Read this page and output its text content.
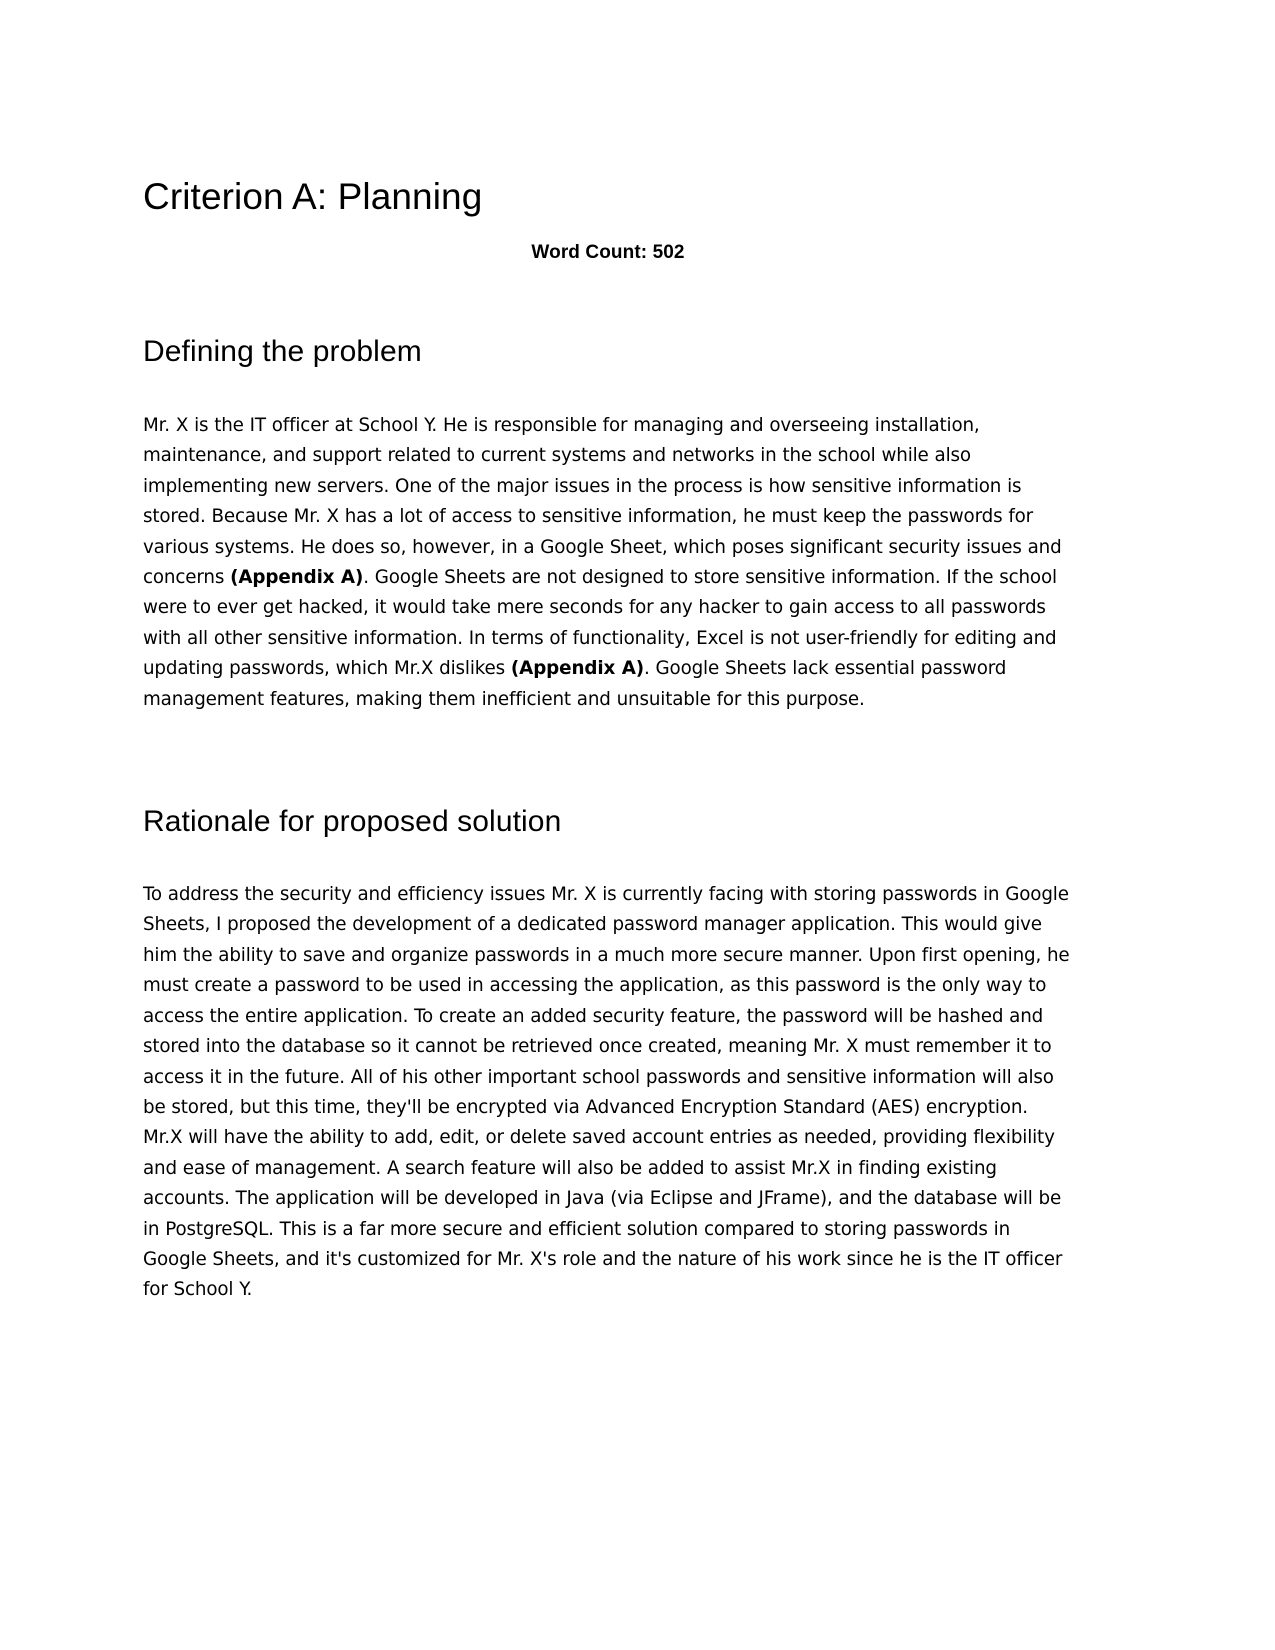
Criterion A: Planning

Word Count: 502

Defining the problem

Mr. X is the IT officer at School Y. He is responsible for managing and overseeing installation, maintenance, and support related to current systems and networks in the school while also implementing new servers. One of the major issues in the process is how sensitive information is stored. Because Mr. X has a lot of access to sensitive information, he must keep the passwords for various systems. He does so, however, in a Google Sheet, which poses significant security issues and concerns (Appendix A). Google Sheets are not designed to store sensitive information. If the school were to ever get hacked, it would take mere seconds for any hacker to gain access to all passwords with all other sensitive information. In terms of functionality, Excel is not user-friendly for editing and updating passwords, which Mr.X dislikes (Appendix A). Google Sheets lack essential password management features, making them inefficient and unsuitable for this purpose.

Rationale for proposed solution

To address the security and efficiency issues Mr. X is currently facing with storing passwords in Google Sheets, I proposed the development of a dedicated password manager application. This would give him the ability to save and organize passwords in a much more secure manner. Upon first opening, he must create a password to be used in accessing the application, as this password is the only way to access the entire application. To create an added security feature, the password will be hashed and stored into the database so it cannot be retrieved once created, meaning Mr. X must remember it to access it in the future. All of his other important school passwords and sensitive information will also be stored, but this time, they'll be encrypted via Advanced Encryption Standard (AES) encryption. Mr.X will have the ability to add, edit, or delete saved account entries as needed, providing flexibility and ease of management. A search feature will also be added to assist Mr.X in finding existing accounts. The application will be developed in Java (via Eclipse and JFrame), and the database will be in PostgreSQL. This is a far more secure and efficient solution compared to storing passwords in Google Sheets, and it's customized for Mr. X's role and the nature of his work since he is the IT officer for School Y.
